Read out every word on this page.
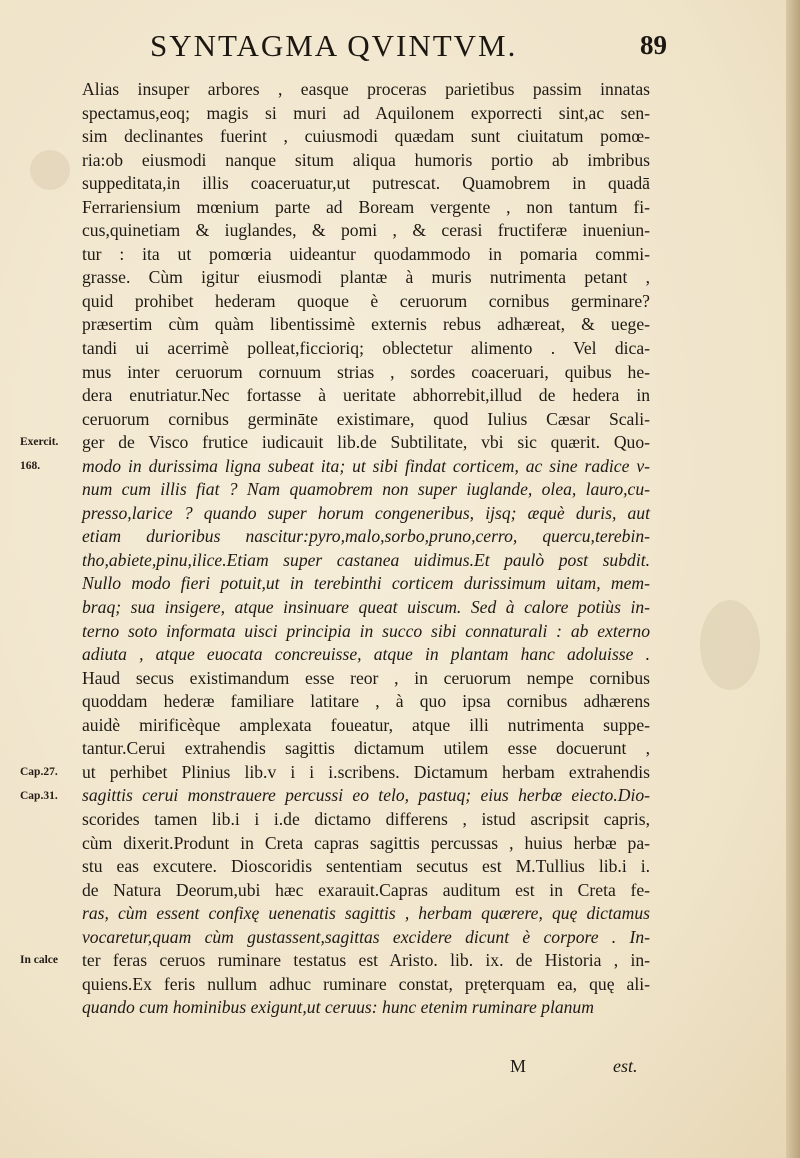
SYNTAGMA QVINTVM.	89
Alias insuper arbores , easque proceras parietibus passim innatas
spectamus,eoq; magis si muri ad Aquilonem exporrecti sint,ac sen-
sim declinantes fuerint , cuiusmodi quædam sunt ciuitatum pomœ-
ria:ob eiusmodi nanque situm aliqua humoris portio ab imbribus
suppeditata,in illis coaceruatur,ut putrescat. Quamobrem in quadā
Ferrariensium mœnium parte ad Boream vergente , non tantum fi-
cus,quinetiam & iuglandes, & pomi , & cerasi fructiferæ inueniun-
tur : ita ut pomœria uideantur quodammodo in pomaria commi-
grasse. Cùm igitur eiusmodi plantæ à muris nutrimenta petant ,
quid prohibet hederam quoque è ceruorum cornibus germinare?
præsertim cùm quàm libentissimè externis rebus adhæreat, & uege-
tandi ui acerrimè polleat,ficcioriq; oblectetur alimento . Vel dica-
mus inter ceruorum cornuum strias , sordes coaceruari, quibus he-
dera enutriatur.Nec fortasse à ueritate abhorrebit,illud de hedera in
ceruorum cornibus germināte existimare, quod Iulius Cæsar Scali-
ger de Visco frutice iudicauit lib.de Subtilitate, vbi sic quærit. Quo-
modo in durissima ligna subeat ita; ut sibi findat corticem, ac sine radice v-
num cum illis fiat ? Nam quamobrem non super iuglande, olea, lauro,cu-
presso,larice ? quando super horum congeneribus, ijsq; æquè duris, aut
etiam durioribus nascitur:pyro,malo,sorbo,pruno,cerro, quercu,terebin-
tho,abiete,pinu,ilice.Etiam super castanea uidimus.Et paulò post subdit.
Nullo modo fieri potuit,ut in terebinthi corticem durissimum uitam, mem-
braq; sua insigere, atque insinuare queat uiscum. Sed à calore potiùs in-
terno soto informata uisci principia in succo sibi connaturali : ab externo
adiuta , atque euocata concreuisse, atque in plantam hanc adoluisse .
Haud secus existimandum esse reor , in ceruorum nempe cornibus
quoddam hederæ familiare latitare , à quo ipsa cornibus adhærens
auidè mirificèque amplexata foueatur, atque illi nutrimenta suppe-
tantur.Cerui extrahendis sagittis dictamum utilem esse docuerunt ,
ut perhibet Plinius lib.v i i i.scribens. Dictamum herbam extrahendis
sagittis cerui monstrauere percussi eo telo, pastuq; eius herbæ eiecto.Dio-
scorides tamen lib.i i i.de dictamo differens , istud ascripsit capris,
cùm dixerit.Produnt in Creta capras sagittis percussas , huius herbæ pa-
stu eas excutere. Dioscoridis sententiam secutus est M.Tullius lib.i i.
de Natura Deorum,ubi hæc exarauit.Capras auditum est in Creta fe-
ras, cùm essent confixę uenenatis sagittis , herbam quærere, quę dictamus
vocaretur,quam cùm gustassent,sagittas excidere dicunt è corpore . In-
ter feras ceruos ruminare testatus est Aristo. lib. ix. de Historia , in-
quiens.Ex feris nullum adhuc ruminare constat, pręterquam ea, quę ali-
quando cum hominibus exigunt,ut ceruus: hunc etenim ruminare planum
Exercit.
168.
Cap.27.
Cap.31.
In calce
M	est.
